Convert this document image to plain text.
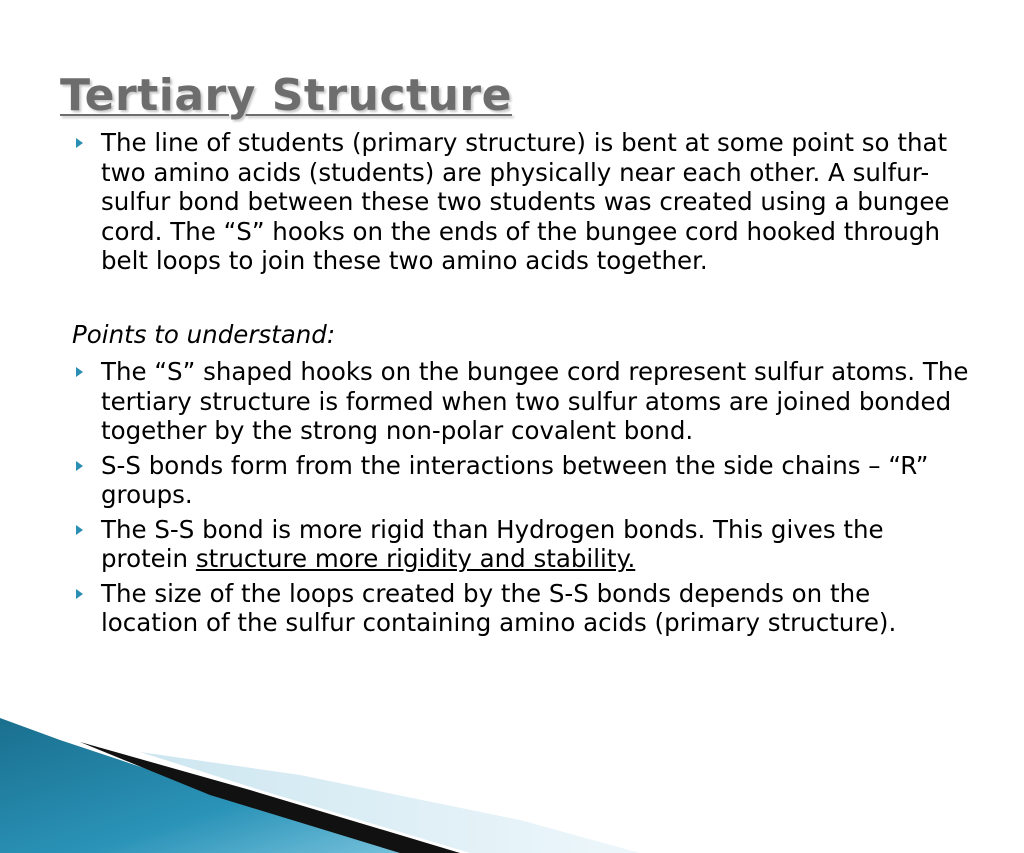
Tertiary Structure
The line of students (primary structure) is bent at some point so that two amino acids (students) are physically near each other. A sulfur-sulfur bond between these two students was created using a bungee cord. The “S” hooks on the ends of the bungee cord hooked through belt loops to join these two amino acids together.
Points to understand:
The “S” shaped hooks on the bungee cord represent sulfur atoms. The tertiary structure is formed when two sulfur atoms are joined bonded together by the strong non-polar covalent bond.
S-S bonds form from the interactions between the side chains – “R” groups.
The S-S bond is more rigid than Hydrogen bonds. This gives the protein structure more rigidity and stability.
The size of the loops created by the S-S bonds depends on the location of the sulfur containing amino acids (primary structure).
